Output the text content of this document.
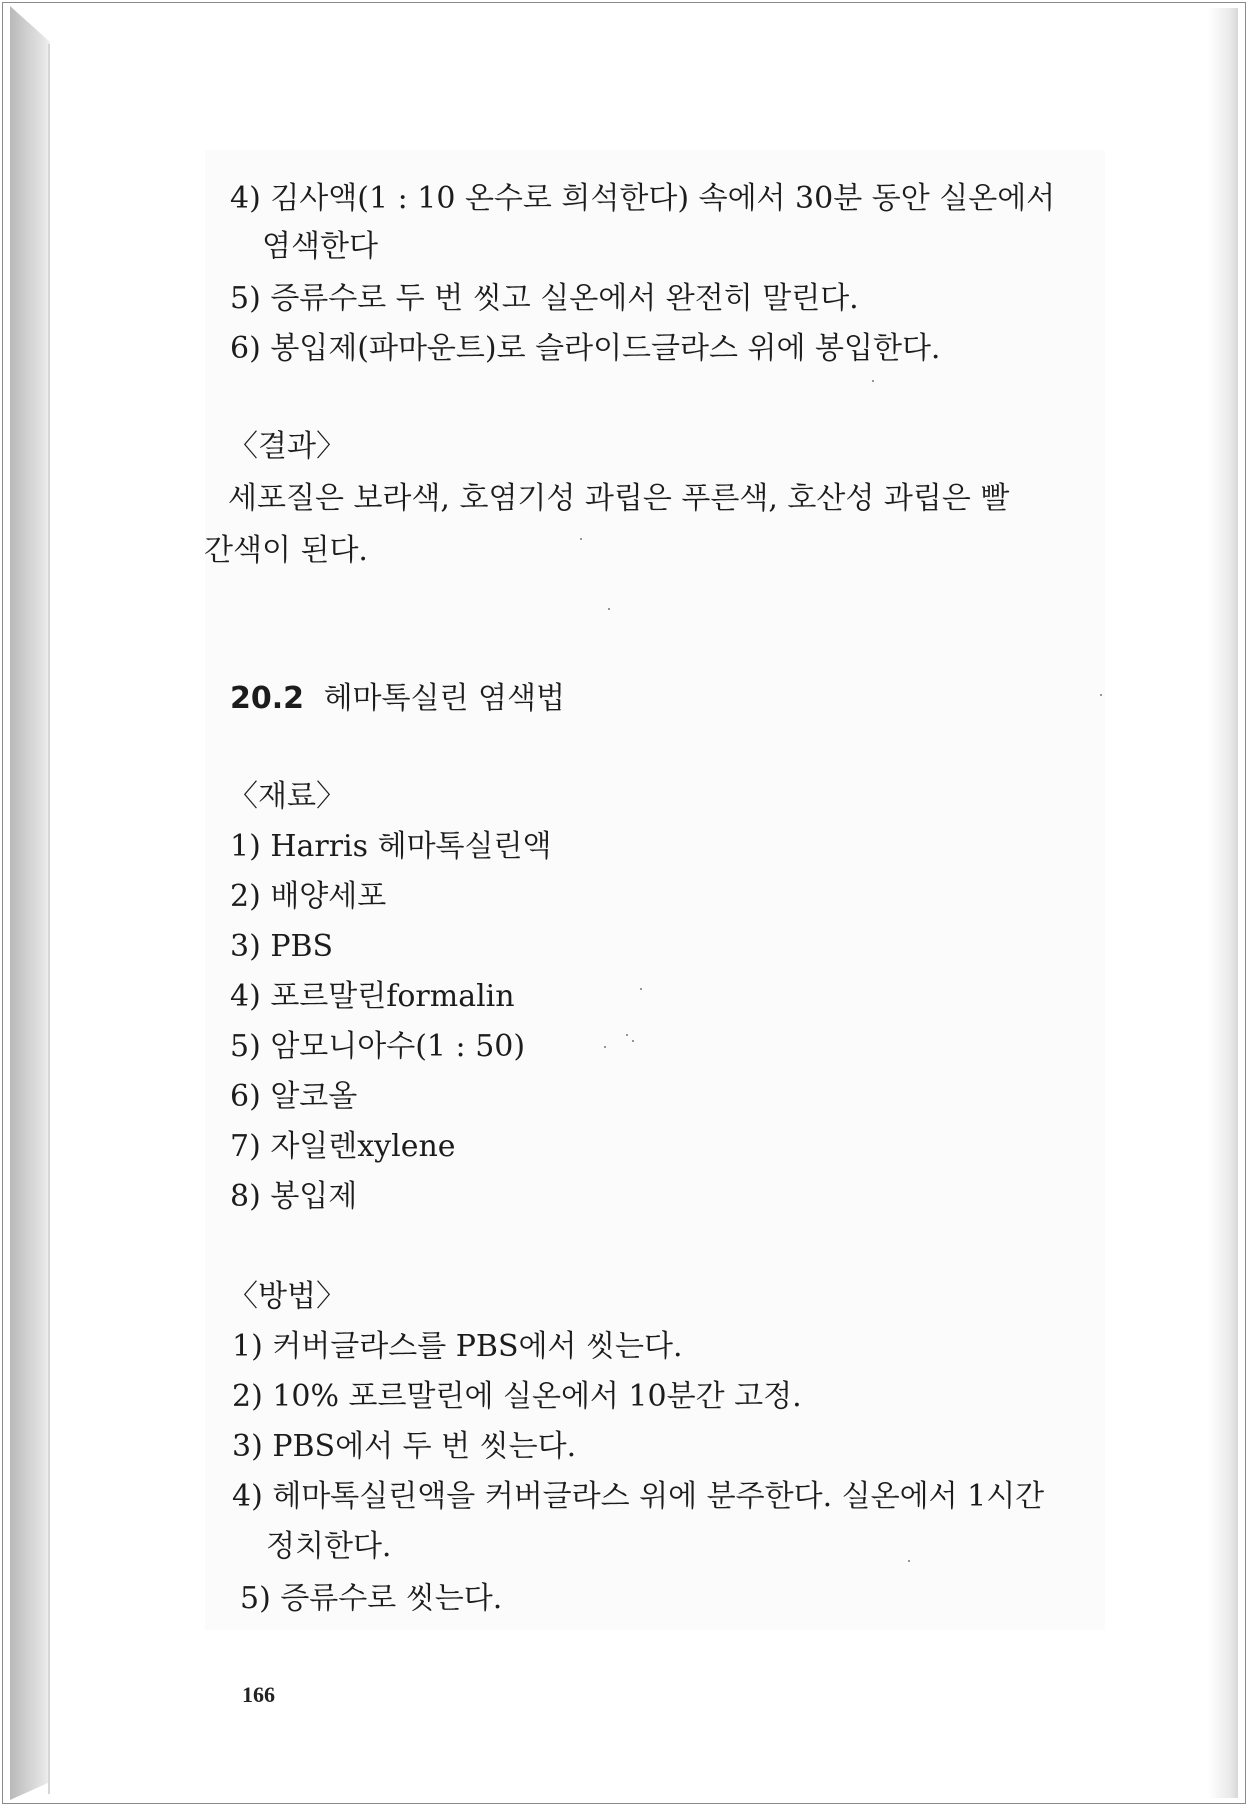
4) 김사액(1 : 10 온수로 희석한다) 속에서 30분 동안 실온에서
염색한다
5) 증류수로 두 번 씻고 실온에서 완전히 말린다.
6) 봉입제(파마운트)로 슬라이드글라스 위에 봉입한다.
〈결과〉
세포질은 보라색, 호염기성 과립은 푸른색, 호산성 과립은 빨
간색이 된다.
20.2 헤마톡실린 염색법
〈재료〉
1) Harris 헤마톡실린액
2) 배양세포
3) PBS
4) 포르말린formalin
5) 암모니아수(1 : 50)
6) 알코올
7) 자일렌xylene
8) 봉입제
〈방법〉
1) 커버글라스를 PBS에서 씻는다.
2) 10% 포르말린에 실온에서 10분간 고정.
3) PBS에서 두 번 씻는다.
4) 헤마톡실린액을 커버글라스 위에 분주한다. 실온에서 1시간
정치한다.
5) 증류수로 씻는다.
166
